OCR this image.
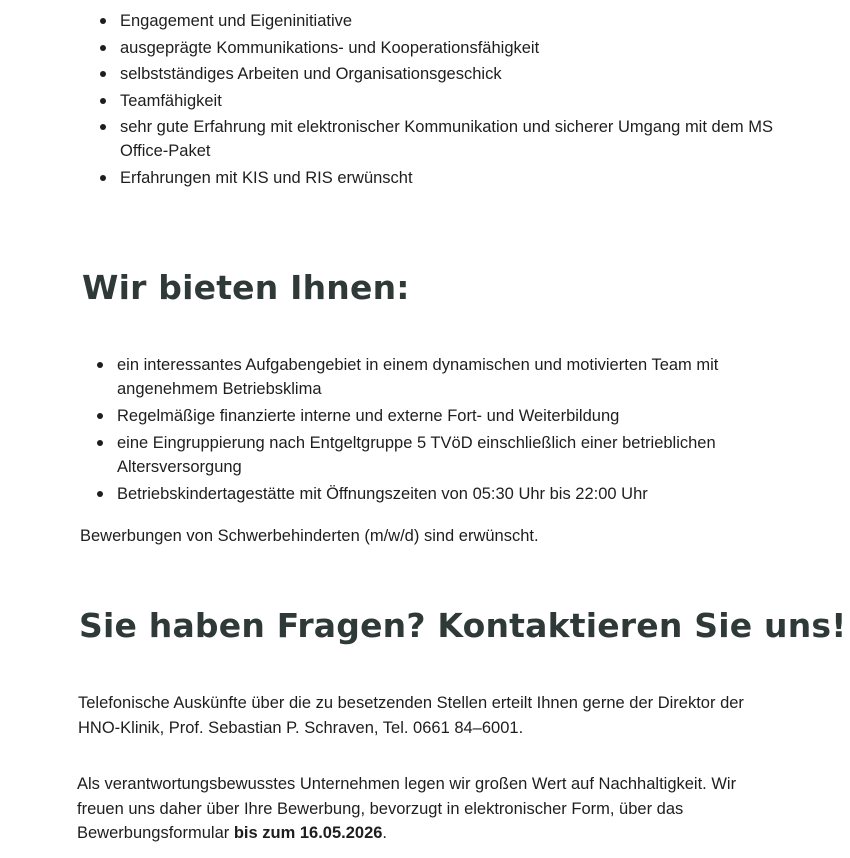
Engagement und Eigeninitiative
ausgeprägte Kommunikations- und Kooperationsfähigkeit
selbstständiges Arbeiten und Organisationsgeschick
Teamfähigkeit
sehr gute Erfahrung mit elektronischer Kommunikation und sicherer Umgang mit dem MS Office-Paket
Erfahrungen mit KIS und RIS erwünscht
Wir bieten Ihnen:
ein interessantes Aufgabengebiet in einem dynamischen und motivierten Team mit angenehmem Betriebsklima
Regelmäßige finanzierte interne und externe Fort- und Weiterbildung
eine Eingruppierung nach Entgeltgruppe 5 TVöD einschließlich einer betrieblichen Altersversorgung
Betriebskindertagestätte mit Öffnungszeiten von 05:30 Uhr bis 22:00 Uhr

Bewerbungen von Schwerbehinderten (m/w/d) sind erwünscht.

Sie haben Fragen? Kontaktieren Sie uns!

Telefonische Auskünfte über die zu besetzenden Stellen erteilt Ihnen gerne der Direktor der HNO-Klinik, Prof. Sebastian P. Schraven, Tel. 0661 84–6001.

Als verantwortungsbewusstes Unternehmen legen wir großen Wert auf Nachhaltigkeit. Wir freuen uns daher über Ihre Bewerbung, bevorzugt in elektronischer Form, über das Bewerbungsformular bis zum 16.05.2026.
